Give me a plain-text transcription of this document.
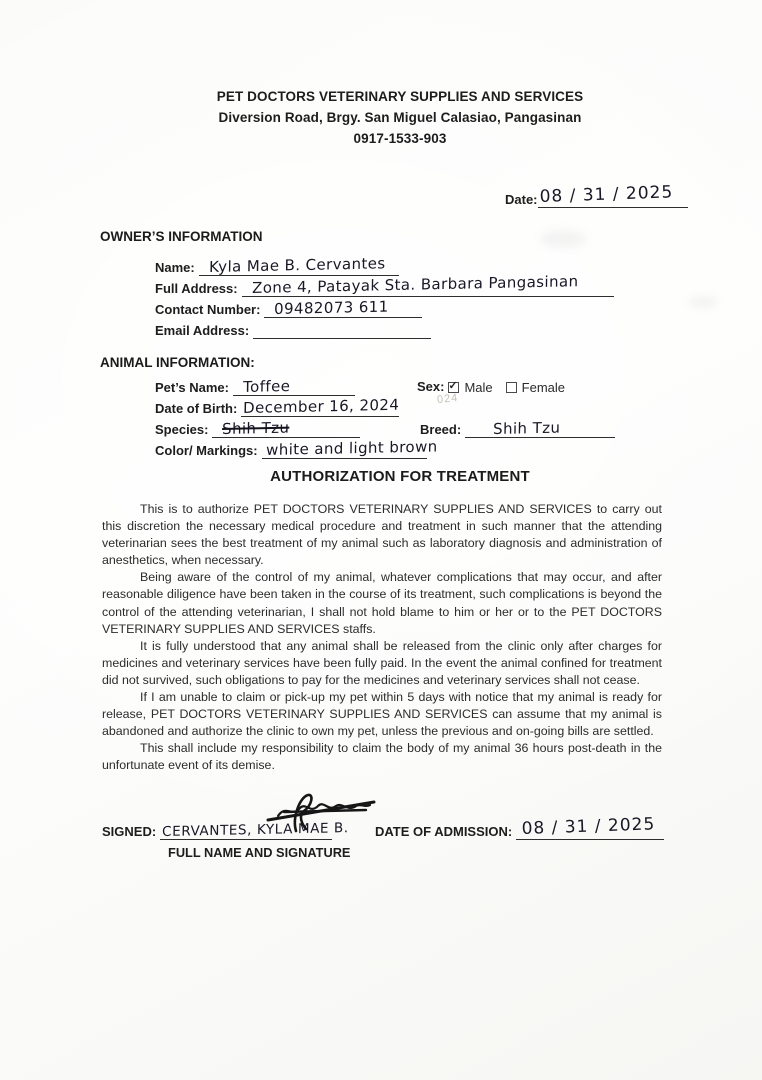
PET DOCTORS VETERINARY SUPPLIES AND SERVICES
Diversion Road, Brgy. San Miguel Calasiao, Pangasinan
0917-1533-903
Date: 08 / 31 / 2025
OWNER’S INFORMATION
Name: Kyla Mae B. Cervantes
Full Address: Zone 4, Patayak Sta. Barbara Pangasinan
Contact Number: 09482073 611
Email Address:
ANIMAL INFORMATION:
Pet’s Name: Toffee	Sex: ✓ Male	Female
Date of Birth: December 16, 2024	024
Species: Shih Tzu	Breed: Shih Tzu
Color/ Markings: white and light brown
AUTHORIZATION FOR TREATMENT

This is to authorize PET DOCTORS VETERINARY SUPPLIES AND SERVICES to carry out this discretion the necessary medical procedure and treatment in such manner that the attending veterinarian sees the best treatment of my animal such as laboratory diagnosis and administration of anesthetics, when necessary.

Being aware of the control of my animal, whatever complications that may occur, and after reasonable diligence have been taken in the course of its treatment, such complications is beyond the control of the attending veterinarian, I shall not hold blame to him or her or to the PET DOCTORS VETERINARY SUPPLIES AND SERVICES staffs.

It is fully understood that any animal shall be released from the clinic only after charges for medicines and veterinary services have been fully paid. In the event the animal confined for treatment did not survived, such obligations to pay for the medicines and veterinary services shall not cease.

If I am unable to claim or pick-up my pet within 5 days with notice that my animal is ready for release, PET DOCTORS VETERINARY SUPPLIES AND SERVICES can assume that my animal is abandoned and authorize the clinic to own my pet, unless the previous and on-going bills are settled.

This shall include my responsibility to claim the body of my animal 36 hours post-death in the unfortunate event of its demise.

SIGNED: CERVANTES, KYLA MAE B.
FULL NAME AND SIGNATURE
DATE OF ADMISSION: 08 / 31 / 2025
